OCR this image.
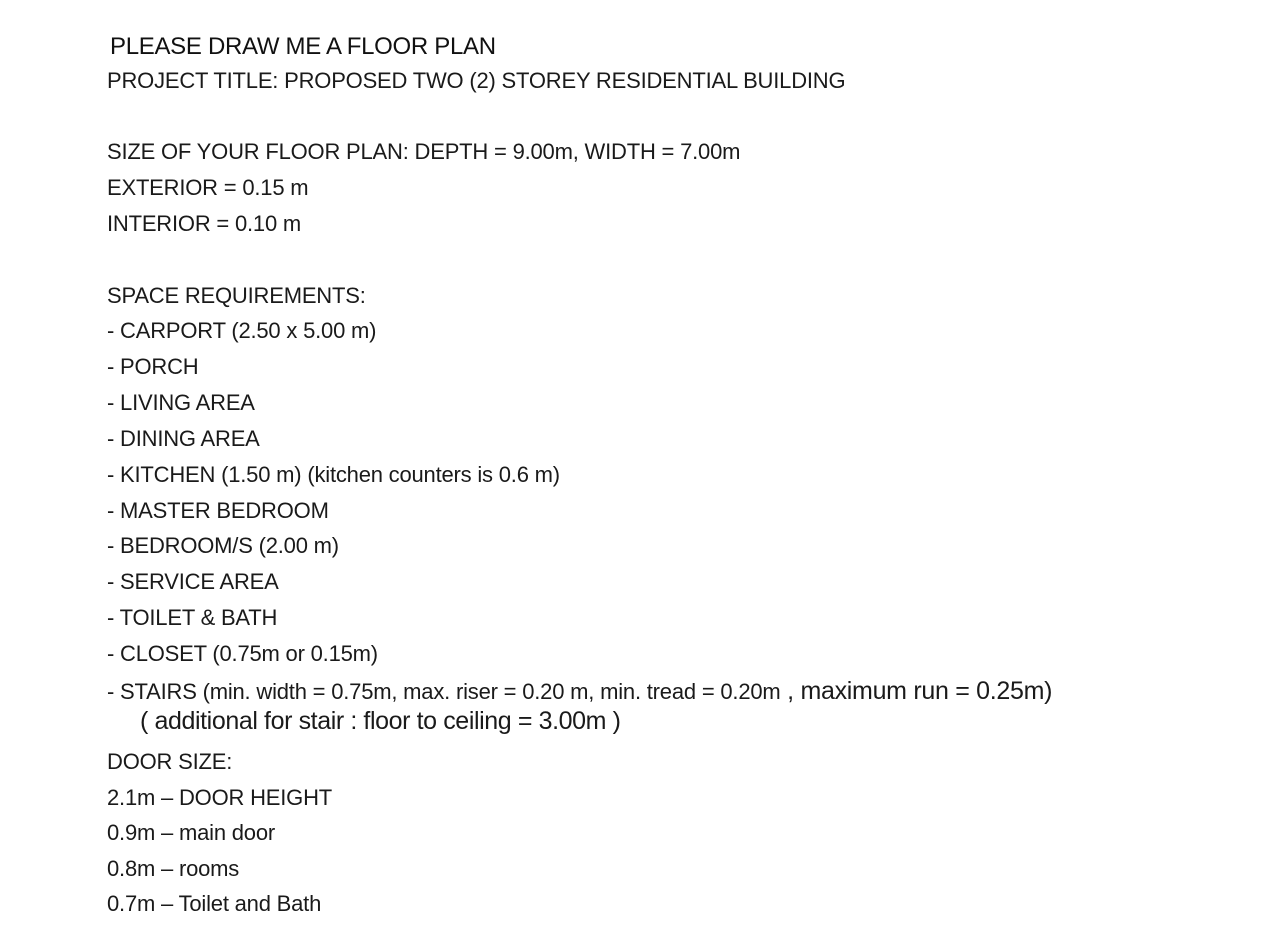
PLEASE DRAW ME A FLOOR PLAN
PROJECT TITLE: PROPOSED TWO (2) STOREY RESIDENTIAL BUILDING
SIZE OF YOUR FLOOR PLAN: DEPTH = 9.00m, WIDTH = 7.00m
EXTERIOR = 0.15 m
INTERIOR = 0.10 m
SPACE REQUIREMENTS:
- CARPORT (2.50 x 5.00 m)
- PORCH
- LIVING AREA
- DINING AREA
- KITCHEN (1.50 m) (kitchen counters is 0.6 m)
- MASTER BEDROOM
- BEDROOM/S (2.00 m)
- SERVICE AREA
- TOILET & BATH
- CLOSET (0.75m or 0.15m)
- STAIRS (min. width = 0.75m, max. riser = 0.20 m, min. tread = 0.20m , maximum run = 0.25m)
( additional for stair : floor to ceiling = 3.00m )
DOOR SIZE:
2.1m – DOOR HEIGHT
0.9m – main door
0.8m – rooms
0.7m – Toilet and Bath
